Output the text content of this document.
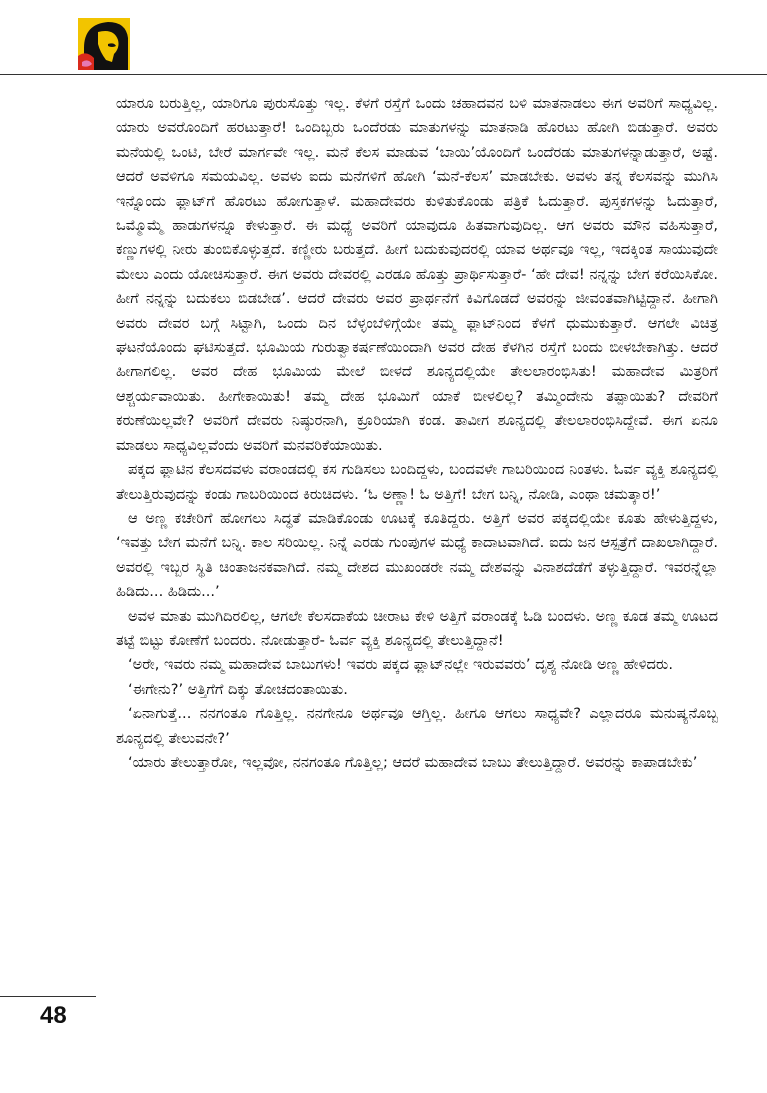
ಯಾರೂ ಬರುತ್ತಿಲ್ಲ, ಯಾರಿಗೂ ಪುರುಸೊತ್ತು ಇಲ್ಲ. ಕೆಳಗೆ ರಸ್ತೆಗೆ ಒಂದು ಚಹಾದವನ ಬಳಿ ಮಾತನಾಡಲು ಈಗ ಅವರಿಗೆ ಸಾಧ್ಯವಿಲ್ಲ. ಯಾರು ಅವರೊಂದಿಗೆ ಹರಟುತ್ತಾರೆ! ಒಂದಿಬ್ಬರು ಒಂದೆರಡು ಮಾತುಗಳನ್ನು ಮಾತನಾಡಿ ಹೊರಟು ಹೋಗಿ ಬಿಡುತ್ತಾರೆ. ಅವರು ಮನೆಯಲ್ಲಿ ಒಂಟಿ, ಬೇರೆ ಮಾರ್ಗವೇ ಇಲ್ಲ. ಮನೆ ಕೆಲಸ ಮಾಡುವ ‘ಬಾಯಿ’ಯೊಂದಿಗೆ ಒಂದೆರಡು ಮಾತುಗಳನ್ನಾಡುತ್ತಾರೆ, ಅಷ್ಟೆ. ಆದರೆ ಅವಳಿಗೂ ಸಮಯವಿಲ್ಲ. ಅವಳು ಐದು ಮನೆಗಳಿಗೆ ಹೋಗಿ ‘ಮನೆ-ಕೆಲಸ’ ಮಾಡಬೇಕು. ಅವಳು ತನ್ನ ಕೆಲಸವನ್ನು ಮುಗಿಸಿ ಇನ್ನೊಂದು ಫ್ಲಾಟ್‌ಗೆ ಹೊರಟು ಹೋಗುತ್ತಾಳೆ. ಮಹಾದೇವರು ಕುಳಿತುಕೊಂಡು ಪತ್ರಿಕೆ ಓದುತ್ತಾರೆ. ಪುಸ್ತಕಗಳನ್ನು ಓದುತ್ತಾರೆ, ಒಮ್ಮೊಮ್ಮೆ ಹಾಡುಗಳನ್ನೂ ಕೇಳುತ್ತಾರೆ. ಈ ಮಧ್ಯೆ ಅವರಿಗೆ ಯಾವುದೂ ಹಿತವಾಗುವುದಿಲ್ಲ. ಆಗ ಅವರು ಮೌನ ವಹಿಸುತ್ತಾರೆ, ಕಣ್ಣುಗಳಲ್ಲಿ ನೀರು ತುಂಬಿಕೊಳ್ಳುತ್ತದೆ. ಕಣ್ಣೀರು ಬರುತ್ತದೆ. ಹೀಗೆ ಬದುಕುವುದರಲ್ಲಿ ಯಾವ ಅರ್ಥವೂ ಇಲ್ಲ, ಇದಕ್ಕಿಂತ ಸಾಯುವುದೇ ಮೇಲು ಎಂದು ಯೋಚಿಸುತ್ತಾರೆ. ಈಗ ಅವರು ದೇವರಲ್ಲಿ ಎರಡೂ ಹೊತ್ತು ಪ್ರಾರ್ಥಿಸುತ್ತಾರೆ- ‘ಹೇ ದೇವ! ನನ್ನನ್ನು ಬೇಗ ಕರೆಯಿಸಿಕೋ. ಹೀಗೆ ನನ್ನನ್ನು ಬದುಕಲು ಬಿಡಬೇಡ’. ಆದರೆ ದೇವರು ಅವರ ಪ್ರಾರ್ಥನೆಗೆ ಕಿವಿಗೊಡದೆ ಅವರನ್ನು ಜೀವಂತವಾಗಿಟ್ಟಿದ್ದಾನೆ. ಹೀಗಾಗಿ ಅವರು ದೇವರ ಬಗ್ಗೆ ಸಿಟ್ಟಾಗಿ, ಒಂದು ದಿನ ಬೆಳ್ಳಂಬೆಳಿಗ್ಗೆಯೇ ತಮ್ಮ ಫ್ಲಾಟ್‌ನಿಂದ ಕೆಳಗೆ ಧುಮುಕುತ್ತಾರೆ. ಆಗಲೇ ವಿಚಿತ್ರ ಘಟನೆಯೊಂದು ಘಟಿಸುತ್ತದೆ. ಭೂಮಿಯ ಗುರುತ್ವಾಕರ್ಷಣೆಯಿಂದಾಗಿ ಅವರ ದೇಹ ಕೆಳಗಿನ ರಸ್ತೆಗೆ ಬಂದು ಬೀಳಬೇಕಾಗಿತ್ತು. ಆದರೆ ಹೀಗಾಗಲಿಲ್ಲ. ಅವರ ದೇಹ ಭೂಮಿಯ ಮೇಲೆ ಬೀಳದೆ ಶೂನ್ಯದಲ್ಲಿಯೇ ತೇಲಲಾರಂಭಿಸಿತು! ಮಹಾದೇವ ಮಿತ್ರರಿಗೆ ಆಶ್ಚರ್ಯವಾಯಿತು. ಹೀಗೇಕಾಯಿತು! ತಮ್ಮ ದೇಹ ಭೂಮಿಗೆ ಯಾಕೆ ಬೀಳಲಿಲ್ಲ? ತಮ್ಮಿಂದೇನು ತಪ್ಪಾಯಿತು? ದೇವರಿಗೆ ಕರುಣೆಯಿಲ್ಲವೇ? ಅವರಿಗೆ ದೇವರು ನಿಷ್ಠುರನಾಗಿ, ಕ್ರೂರಿಯಾಗಿ ಕಂಡ. ತಾವೀಗ ಶೂನ್ಯದಲ್ಲಿ ತೇಲಲಾರಂಭಿಸಿದ್ದೇವೆ. ಈಗ ಏನೂ ಮಾಡಲು ಸಾಧ್ಯವಿಲ್ಲವೆಂದು ಅವರಿಗೆ ಮನವರಿಕೆಯಾಯಿತು.

ಪಕ್ಕದ ಫ್ಲಾಟಿನ ಕೆಲಸದವಳು ವರಾಂಡದಲ್ಲಿ ಕಸ ಗುಡಿಸಲು ಬಂದಿದ್ದಳು, ಬಂದವಳೇ ಗಾಬರಿಯಿಂದ ನಿಂತಳು. ಓರ್ವ ವ್ಯಕ್ತಿ ಶೂನ್ಯದಲ್ಲಿ ತೇಲುತ್ತಿರುವುದನ್ನು ಕಂಡು ಗಾಬರಿಯಿಂದ ಕಿರುಚಿದಳು. ‘ಓ ಅಣ್ಣಾ! ಓ ಅತ್ತಿಗೆ! ಬೇಗ ಬನ್ನಿ, ನೋಡಿ, ಎಂಥಾ ಚಮತ್ಕಾರ!’

ಆ ಅಣ್ಣ ಕಚೇರಿಗೆ ಹೋಗಲು ಸಿದ್ಧತೆ ಮಾಡಿಕೊಂಡು ಊಟಕ್ಕೆ ಕೂತಿದ್ದರು. ಅತ್ತಿಗೆ ಅವರ ಪಕ್ಕದಲ್ಲಿಯೇ ಕೂತು ಹೇಳುತ್ತಿದ್ದಳು, ‘ಇವತ್ತು ಬೇಗ ಮನೆಗೆ ಬನ್ನಿ. ಕಾಲ ಸರಿಯಿಲ್ಲ. ನಿನ್ನೆ ಎರಡು ಗುಂಪುಗಳ ಮಧ್ಯೆ ಕಾದಾಟವಾಗಿದೆ. ಐದು ಜನ ಆಸ್ಪತ್ರೆಗೆ ದಾಖಲಾಗಿದ್ದಾರೆ. ಅವರಲ್ಲಿ ಇಬ್ಬರ ಸ್ಥಿತಿ ಚಿಂತಾಜನಕವಾಗಿದೆ. ನಮ್ಮ ದೇಶದ ಮುಖಂಡರೇ ನಮ್ಮ ದೇಶವನ್ನು ವಿನಾಶದೆಡೆಗೆ ತಳ್ಳುತ್ತಿದ್ದಾರೆ. ಇವರನ್ನೆಲ್ಲಾ ಹಿಡಿದು... ಹಿಡಿದು...’

ಅವಳ ಮಾತು ಮುಗಿದಿರಲಿಲ್ಲ, ಆಗಲೇ ಕೆಲಸದಾಕೆಯ ಚೀರಾಟ ಕೇಳಿ ಅತ್ತಿಗೆ ವರಾಂಡಕ್ಕೆ ಓಡಿ ಬಂದಳು. ಅಣ್ಣ ಕೂಡ ತಮ್ಮ ಊಟದ ತಟ್ಟೆ ಬಿಟ್ಟು ಕೋಣೆಗೆ ಬಂದರು. ನೋಡುತ್ತಾರೆ- ಓರ್ವ ವ್ಯಕ್ತಿ ಶೂನ್ಯದಲ್ಲಿ ತೇಲುತ್ತಿದ್ದಾನೆ!

‘ಅರೇ, ಇವರು ನಮ್ಮ ಮಹಾದೇವ ಬಾಬುಗಳು! ಇವರು ಪಕ್ಕದ ಫ್ಲಾಟ್‌ನಲ್ಲೇ ಇರುವವರು’ ದೃಶ್ಯ ನೋಡಿ ಅಣ್ಣ ಹೇಳಿದರು.

‘ಈಗೇನು?’ ಅತ್ತಿಗೆಗೆ ದಿಕ್ಕು ತೋಚದಂತಾಯಿತು.

‘ಏನಾಗುತ್ತೆ... ನನಗಂತೂ ಗೊತ್ತಿಲ್ಲ. ನನಗೇನೂ ಅರ್ಥವೂ ಆಗ್ತಿಲ್ಲ. ಹೀಗೂ ಆಗಲು ಸಾಧ್ಯವೇ? ಎಲ್ಲಾದರೂ ಮನುಷ್ಯನೊಬ್ಬ ಶೂನ್ಯದಲ್ಲಿ ತೇಲುವನೇ?’

‘ಯಾರು ತೇಲುತ್ತಾರೋ, ಇಲ್ಲವೋ, ನನಗಂತೂ ಗೊತ್ತಿಲ್ಲ; ಆದರೆ ಮಹಾದೇವ ಬಾಬು ತೇಲುತ್ತಿದ್ದಾರೆ. ಅವರನ್ನು ಕಾಪಾಡಬೇಕು’

48
